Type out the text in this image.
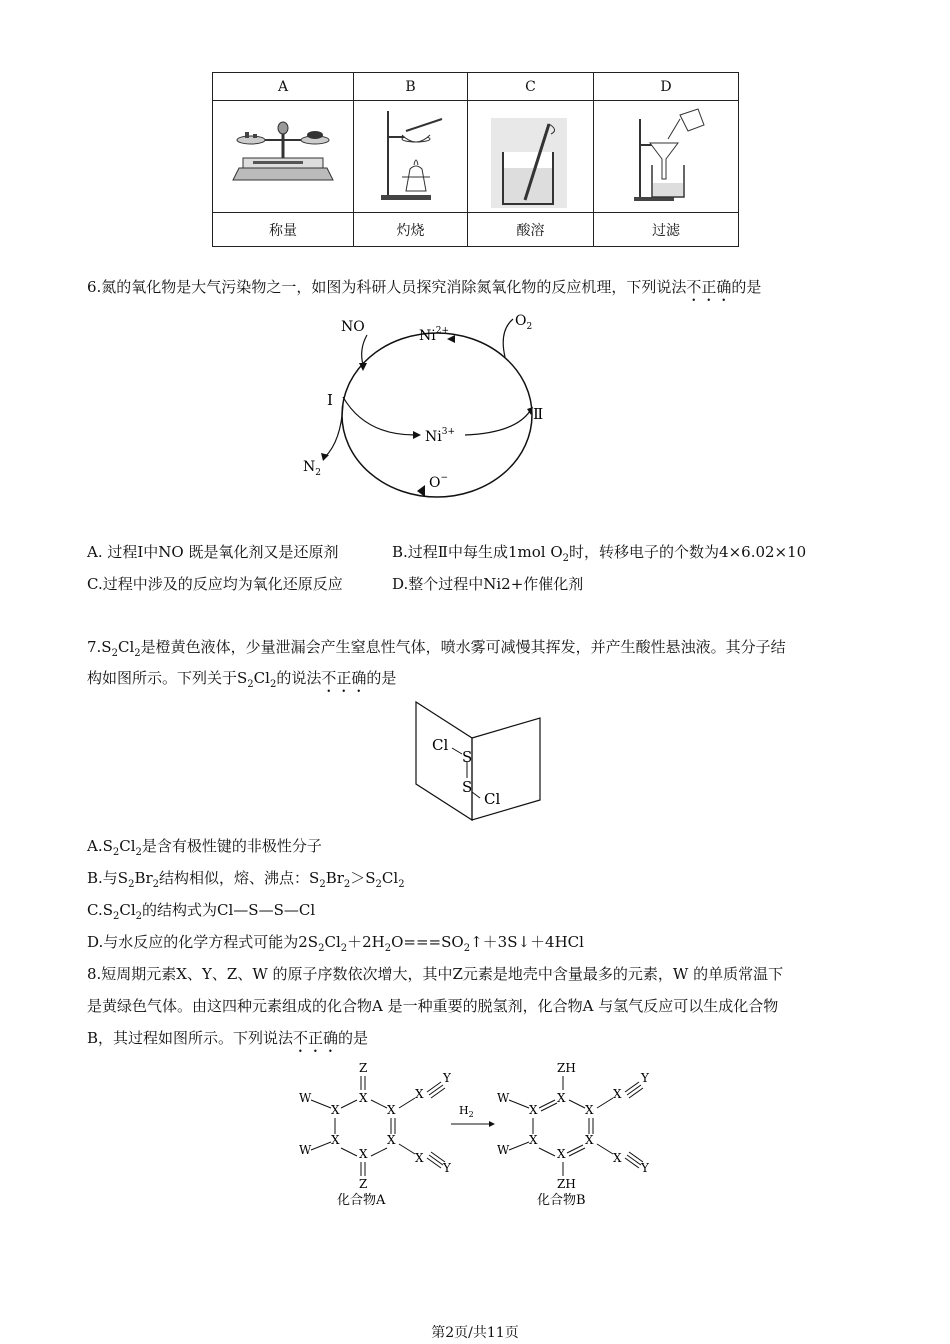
A	B	C	D

称量	灼烧	酸溶	过滤
6.氮的氧化物是大气污染物之一，如图为科研人员探究消除氮氧化物的反应机理，下列说法不正确的是
NO
$Ni^{2+}$
$O_2$
I
Ⅱ
$Ni^{3+}$
$N_2$
O−
A. 过程Ⅰ中NO 既是氧化剂又是还原剂	B.过程Ⅱ中每生成1mol $O_2$时，转移电子的个数为4×6.02×10
C.过程中涉及的反应均为氧化还原反应	D.整个过程中Ni2+作催化剂
$7.S_2Cl_2$是橙黄色液体，少量泄漏会产生窒息性气体，喷水雾可减慢其挥发，并产生酸性悬浊液。其分子结
构如图所示。下列关于$S_2Cl_2$的说法不正确的是
Cl
S
S
Cl
$A.S_2Cl_2$是含有极性键的非极性分子
B.与$S_2Br_2$结构相似，熔、沸点：$S_2Br_2>S_2Cl_2$
$C.S_2Cl_2$的结构式为Cl—S—S—Cl
D.与水反应的化学方程式可能为$2S_2Cl_2+2H_2O===SO_2↑+3S↓+4HCl$
8.短周期元素X、Y、Z、W 的原子序数依次增大，其中Z元素是地壳中含量最多的元素，W 的单质常温下
是黄绿色气体。由这四种元素组成的化合物A 是一种重要的脱氢剂，化合物A 与氢气反应可以生成化合物
B，其过程如图所示。下列说法不正确的是
Z
X
X	X
X	X
X
Z
W
W
X
Y
X
Y
化合物A
$H_2$
ZH
X
X	X
X	X
X
ZH
W
W
X
Y
X
Y
化合物B
第2页/共11页
